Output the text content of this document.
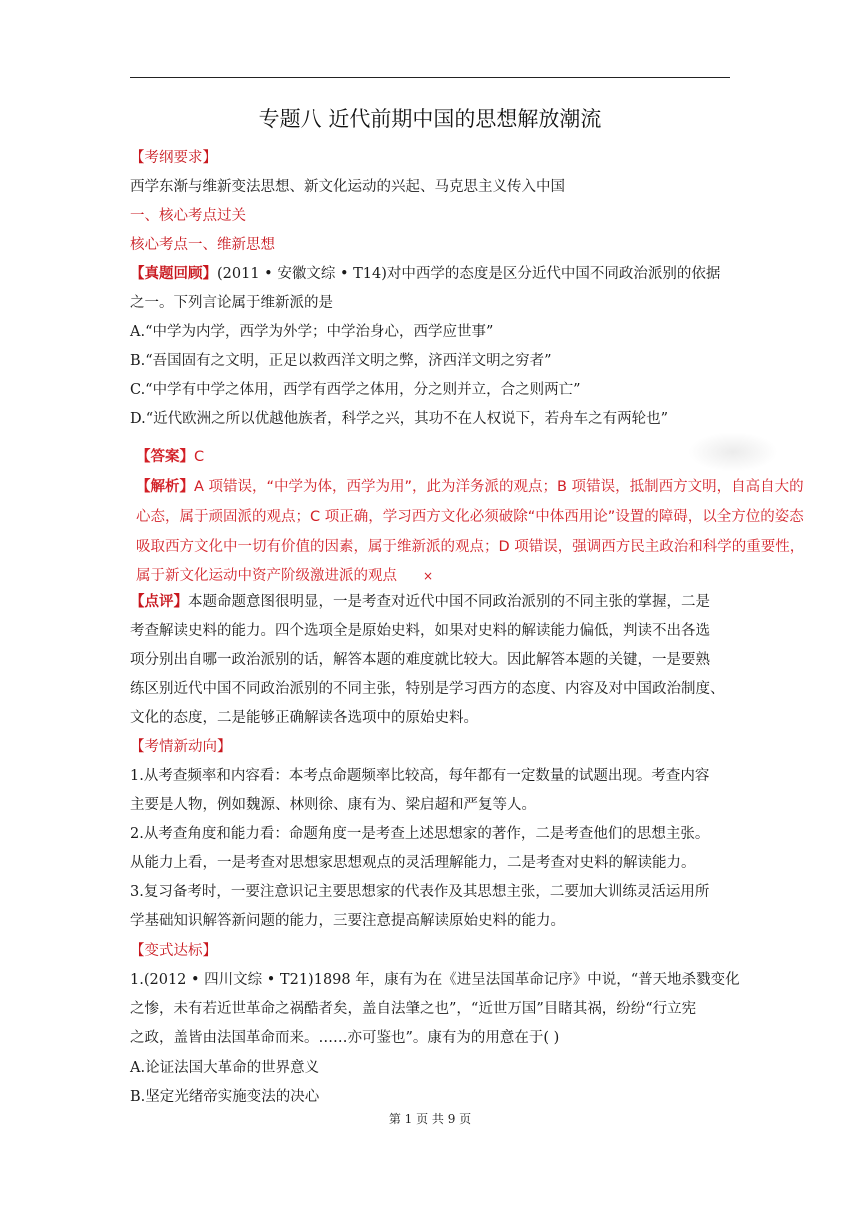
专题八 近代前期中国的思想解放潮流
【考纲要求】
西学东渐与维新变法思想、新文化运动的兴起、马克思主义传入中国
一、核心考点过关
核心考点一、维新思想
【真题回顾】(2011 • 安徽文综 • T14)对中西学的态度是区分近代中国不同政治派别的依据
之一。下列言论属于维新派的是
A.“中学为内学，西学为外学；中学治身心，西学应世事”
B.“吾国固有之文明，正足以救西洋文明之弊，济西洋文明之穷者”
C.“中学有中学之体用，西学有西学之体用，分之则并立，合之则两亡”
D.“近代欧洲之所以优越他族者，科学之兴，其功不在人权说下，若舟车之有两轮也”
【答案】C
【解析】A 项错误，“中学为体，西学为用”，此为洋务派的观点；B 项错误，抵制西方文明，自高自大的
心态，属于顽固派的观点；C 项正确，学习西方文化必须破除“中体西用论”设置的障碍，以全方位的姿态
吸取西方文化中一切有价值的因素，属于维新派的观点；D 项错误，强调西方民主政治和科学的重要性，
属于新文化运动中资产阶级激进派的观点 ×
【点评】本题命题意图很明显，一是考查对近代中国不同政治派别的不同主张的掌握，二是
考查解读史料的能力。四个选项全是原始史料，如果对史料的解读能力偏低，判读不出各选
项分别出自哪一政治派别的话，解答本题的难度就比较大。因此解答本题的关键，一是要熟
练区别近代中国不同政治派别的不同主张，特别是学习西方的态度、内容及对中国政治制度、
文化的态度，二是能够正确解读各选项中的原始史料。
【考情新动向】
1.从考查频率和内容看：本考点命题频率比较高，每年都有一定数量的试题出现。考查内容
主要是人物，例如魏源、林则徐、康有为、梁启超和严复等人。
2.从考查角度和能力看：命题角度一是考查上述思想家的著作，二是考查他们的思想主张。
从能力上看，一是考查对思想家思想观点的灵活理解能力，二是考查对史料的解读能力。
3.复习备考时，一要注意识记主要思想家的代表作及其思想主张，二要加大训练灵活运用所
学基础知识解答新问题的能力，三要注意提高解读原始史料的能力。
【变式达标】
1.(2012 • 四川文综 • T21)1898 年，康有为在《进呈法国革命记序》中说，“普天地杀戮变化
之惨，未有若近世革命之祸酷者矣，盖自法肇之也”，“近世万国”目睹其祸，纷纷“行立宪
之政，盖皆由法国革命而来。……亦可鉴也”。康有为的用意在于( )
A.论证法国大革命的世界意义
B.坚定光绪帝实施变法的决心
第 1 页 共 9 页
